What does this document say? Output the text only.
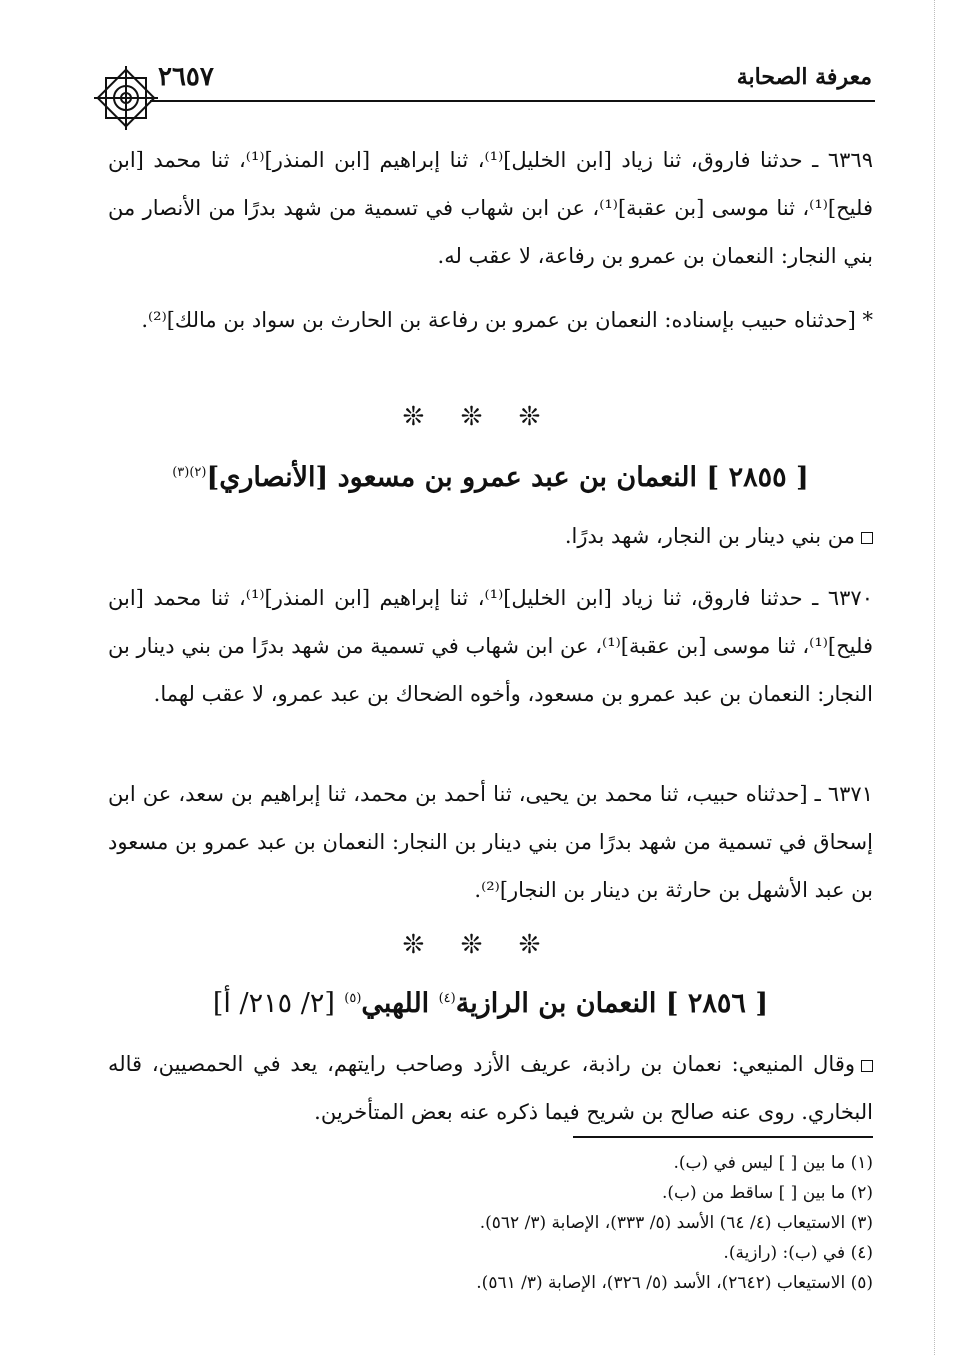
٢٦٥٧	معرفة الصحابة
٦٣٦٩ ـ حدثنا فاروق، ثنا زياد [ابن الخليل]⁽¹⁾، ثنا إبراهيم [ابن المنذر]⁽¹⁾، ثنا محمد [ابن فليح]⁽¹⁾، ثنا موسى [بن عقبة]⁽¹⁾، عن ابن شهاب في تسمية من شهد بدرًا من الأنصار من بني النجار: النعمان بن عمرو بن رفاعة، لا عقب له.
* [حدثناه حبيب بإسناده: النعمان بن عمرو بن رفاعة بن الحارث بن سواد بن مالك]⁽²⁾.
❊ ❊ ❊
[ ٢٨٥٥ ] النعمان بن عبد عمرو بن مسعود [الأنصاري]$^{(٢)(٣)}$
من بني دينار بن النجار، شهد بدرًا.
٦٣٧٠ ـ حدثنا فاروق، ثنا زياد [ابن الخليل]⁽¹⁾، ثنا إبراهيم [ابن المنذر]⁽¹⁾، ثنا محمد [ابن فليح]⁽¹⁾، ثنا موسى [بن عقبة]⁽¹⁾، عن ابن شهاب في تسمية من شهد بدرًا من بني دينار بن النجار: النعمان بن عبد عمرو بن مسعود، وأخوه الضحاك بن عبد عمرو، لا عقب لهما.
٦٣٧١ ـ [حدثناه حبيب، ثنا محمد بن يحيى، ثنا أحمد بن محمد، ثنا إبراهيم بن سعد، عن ابن إسحاق في تسمية من شهد بدرًا من بني دينار بن النجار: النعمان بن عبد عمرو بن مسعود بن عبد الأشهل بن حارثة بن دينار بن النجار]⁽²⁾.
❊ ❊ ❊
[ ٢٨٥٦ ] النعمان بن الرازية$^{(٤)}$ اللهبي$^{(٥)}$ [٢/ ٢١٥/ أ]
وقال المنيعي: نعمان بن راذبة، عريف الأزد وصاحب رايتهم، يعد في الحمصيين، قاله البخاري. روى عنه صالح بن شريح فيما ذكره عنه بعض المتأخرين.
(١) ما بين [ ] ليس في (ب).
(٢) ما بين [ ] ساقط من (ب).
(٣) الاستيعاب (٤/ ٦٤) الأسد (٥/ ٣٣٣)، الإصابة (٣/ ٥٦٢).
(٤) في (ب): (رازية).
(٥) الاستيعاب (٢٦٤٢)، الأسد (٥/ ٣٢٦)، الإصابة (٣/ ٥٦١).
